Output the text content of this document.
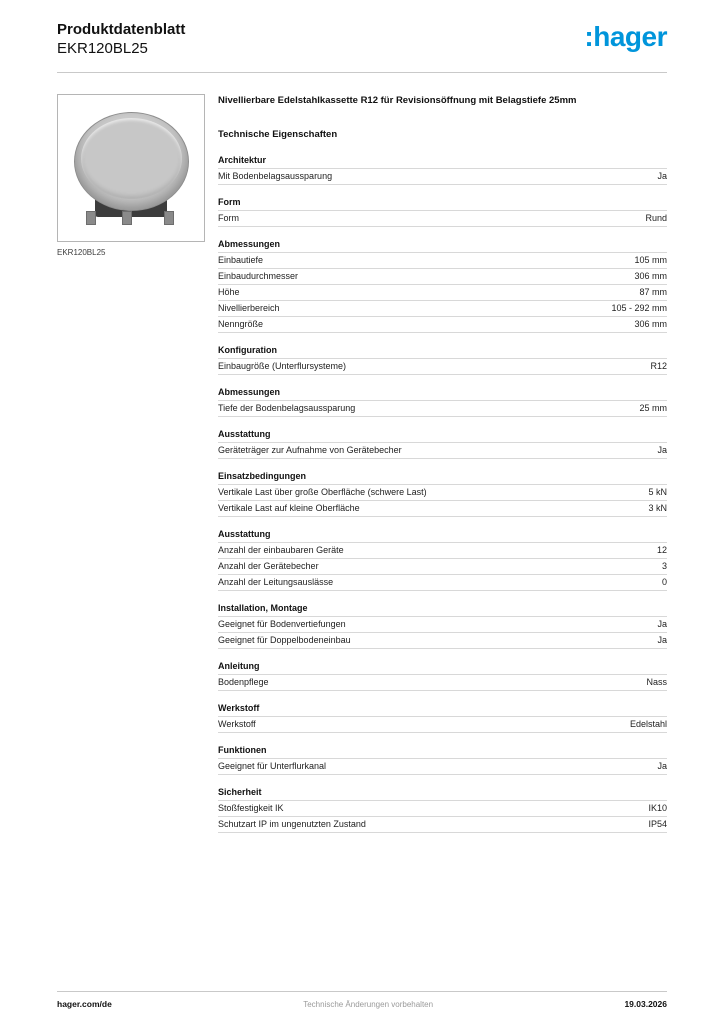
Produktdatenblatt
EKR120BL25	:hager
EKR120BL25
Nivellierbare Edelstahlkassette R12 für Revisionsöffnung mit Belagstiefe 25mm
Technische Eigenschaften
Architektur
Mit Bodenbelagsaussparung	Ja
Form
Form	Rund
Abmessungen
Einbautiefe	105 mm
Einbaudurchmesser	306 mm
Höhe	87 mm
Nivellierbereich	105 - 292 mm
Nenngröße	306 mm
Konfiguration
Einbaugröße (Unterflursysteme)	R12
Abmessungen
Tiefe der Bodenbelagsaussparung	25 mm
Ausstattung
Geräteträger zur Aufnahme von Gerätebecher	Ja
Einsatzbedingungen
Vertikale Last über große Oberfläche (schwere Last)	5 kN
Vertikale Last auf kleine Oberfläche	3 kN
Ausstattung
Anzahl der einbaubaren Geräte	12
Anzahl der Gerätebecher	3
Anzahl der Leitungsauslässe	0
Installation, Montage
Geeignet für Bodenvertiefungen	Ja
Geeignet für Doppelbodeneinbau	Ja
Anleitung
Bodenpflege	Nass
Werkstoff
Werkstoff	Edelstahl
Funktionen
Geeignet für Unterflurkanal	Ja
Sicherheit
Stoßfestigkeit IK	IK10
Schutzart IP im ungenutzten Zustand	IP54
hager.com/de	Technische Änderungen vorbehalten	19.03.2026
